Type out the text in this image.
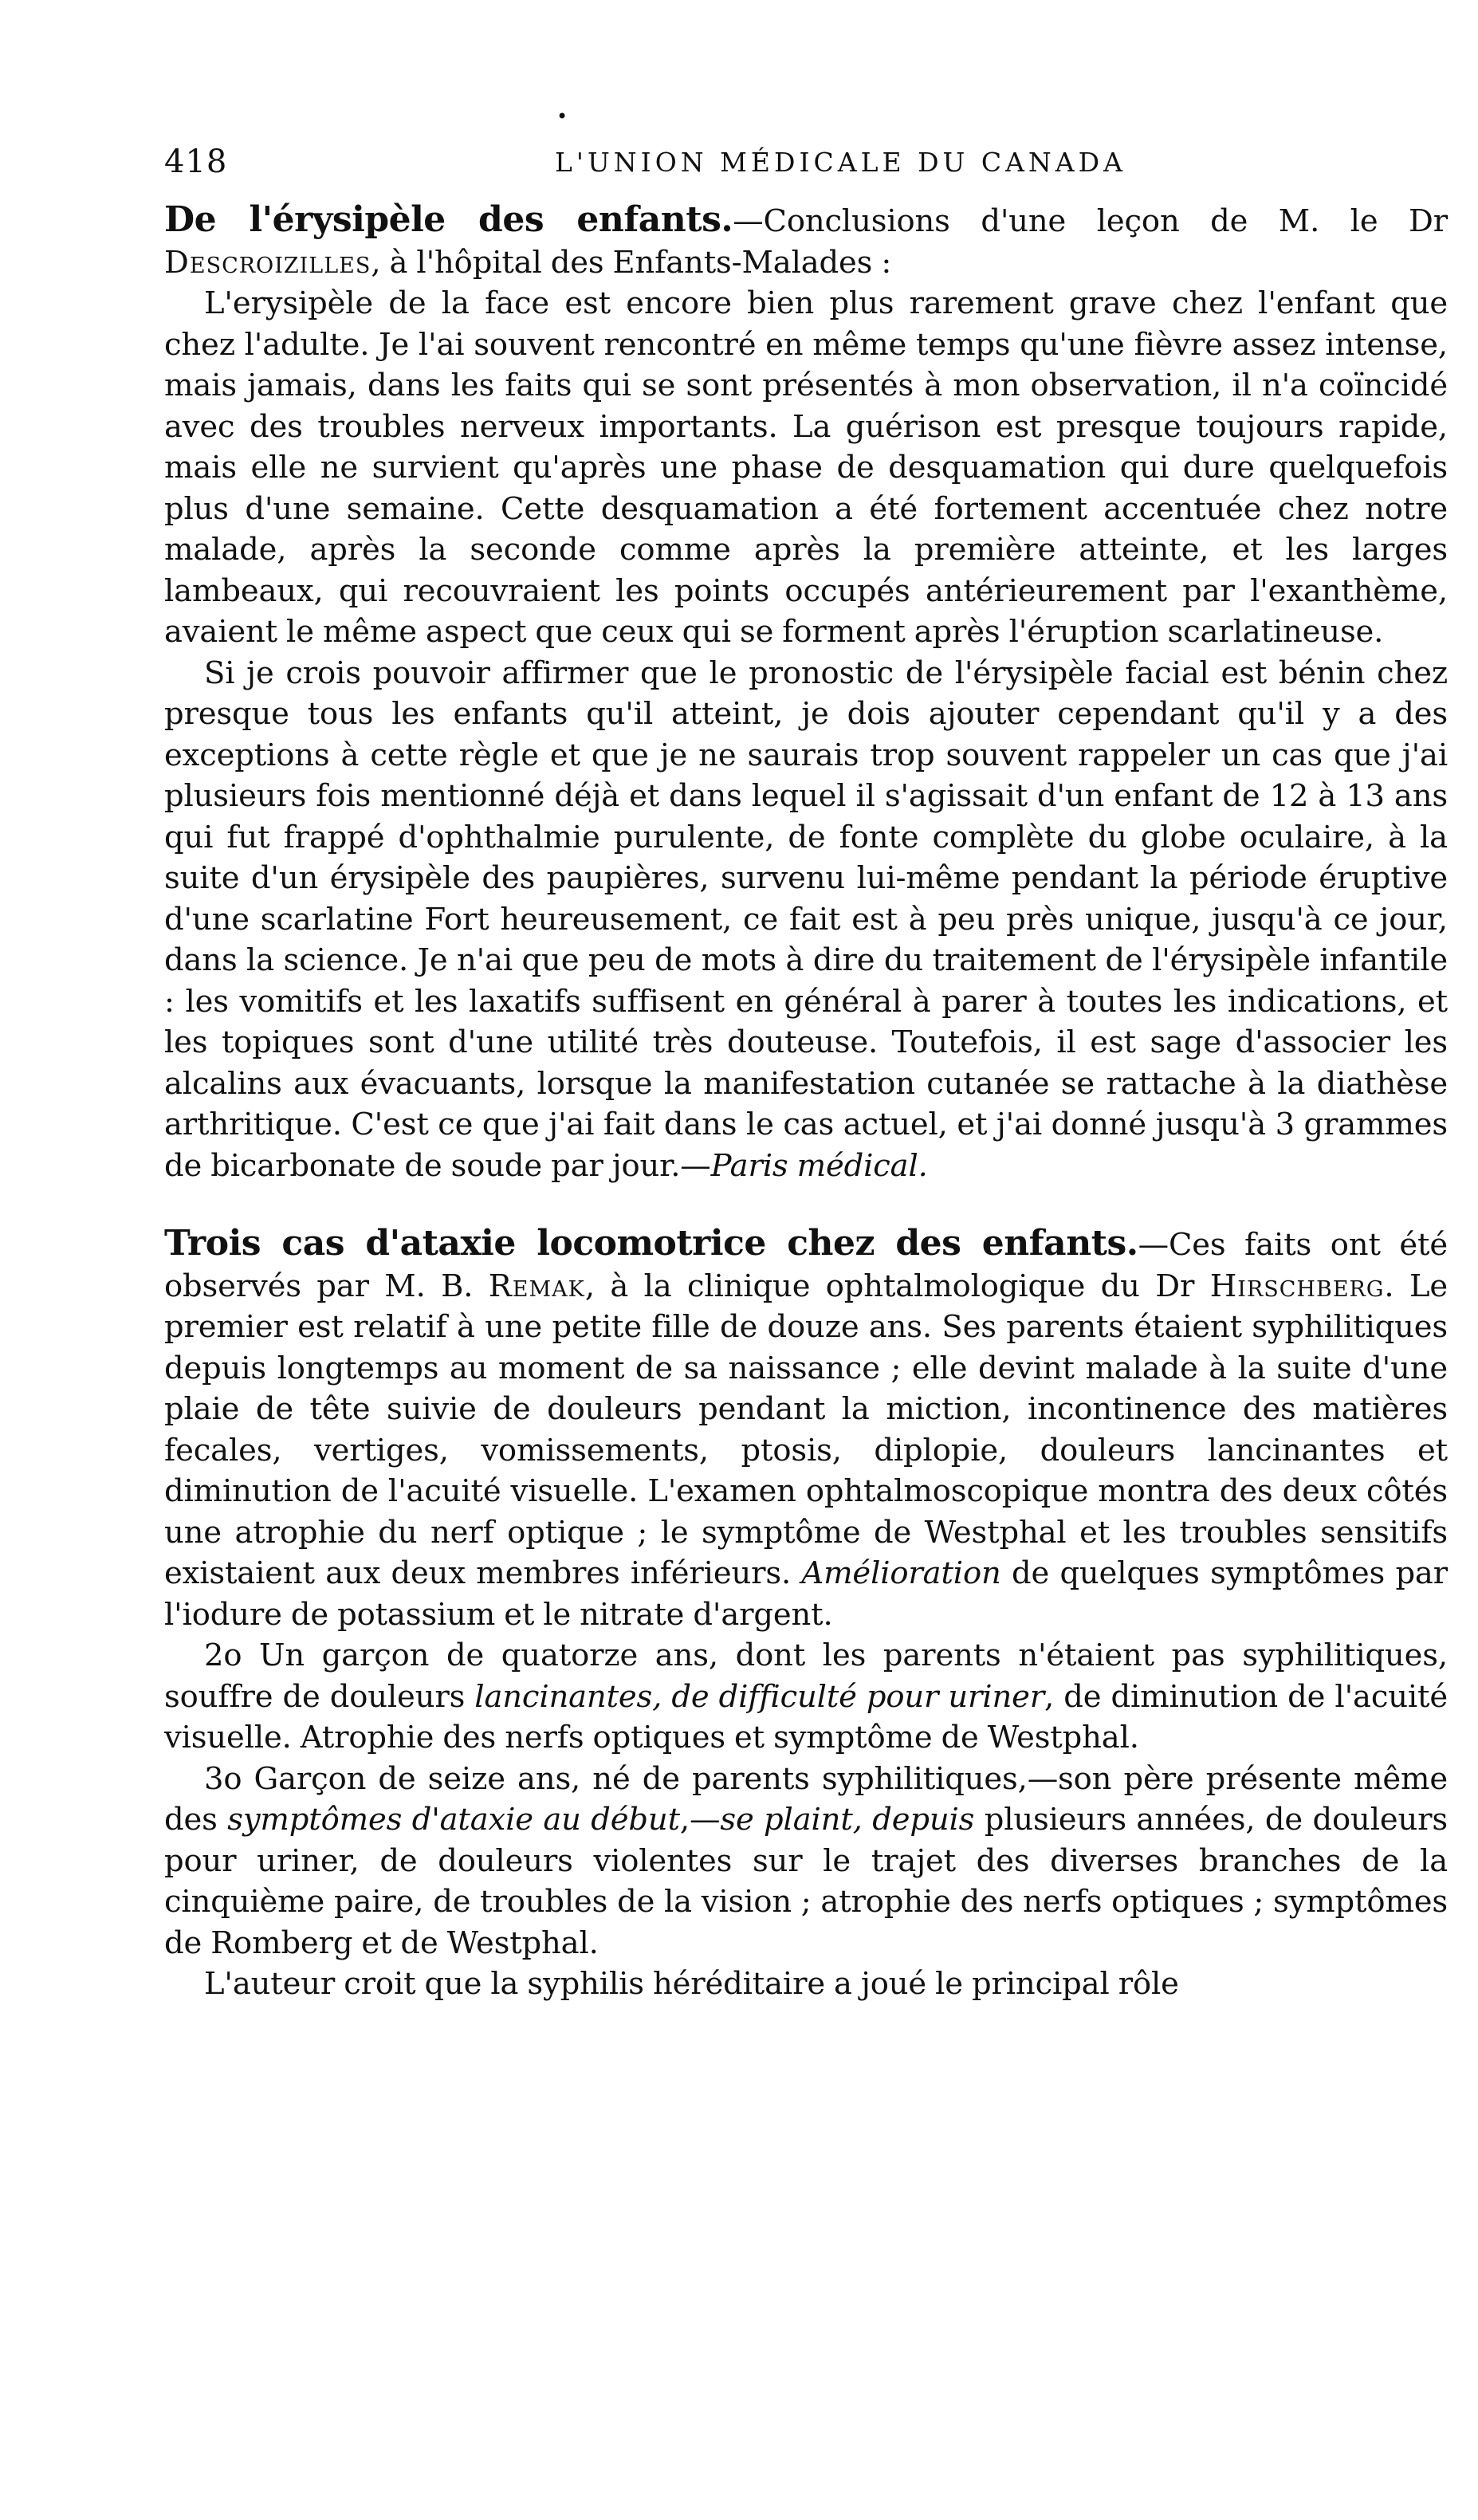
•
418	L'UNION MÉDICALE DU CANADA

De l'érysipèle des enfants.—Conclusions d'une leçon de M. le Dr Descroizilles, à l'hôpital des Enfants-Malades :

L'erysipèle de la face est encore bien plus rarement grave chez l'enfant que chez l'adulte. Je l'ai souvent rencontré en même temps qu'une fièvre assez intense, mais jamais, dans les faits qui se sont présentés à mon observation, il n'a coïncidé avec des troubles nerveux importants. La guérison est presque toujours rapide, mais elle ne survient qu'après une phase de desquamation qui dure quelquefois plus d'une semaine. Cette desquamation a été fortement accentuée chez notre malade, après la seconde comme après la première atteinte, et les larges lambeaux, qui recouvraient les points occupés antérieurement par l'exanthème, avaient le même aspect que ceux qui se forment après l'éruption scarlatineuse.

Si je crois pouvoir affirmer que le pronostic de l'érysipèle facial est bénin chez presque tous les enfants qu'il atteint, je dois ajouter cependant qu'il y a des exceptions à cette règle et que je ne saurais trop souvent rappeler un cas que j'ai plusieurs fois mentionné déjà et dans lequel il s'agissait d'un enfant de 12 à 13 ans qui fut frappé d'ophthalmie purulente, de fonte complète du globe oculaire, à la suite d'un érysipèle des paupières, survenu lui-même pendant la période éruptive d'une scarlatine Fort heureusement, ce fait est à peu près unique, jusqu'à ce jour, dans la science. Je n'ai que peu de mots à dire du traitement de l'érysipèle infantile : les vomitifs et les laxatifs suffisent en général à parer à toutes les indications, et les topiques sont d'une utilité très douteuse. Toutefois, il est sage d'associer les alcalins aux évacuants, lorsque la manifestation cutanée se rattache à la diathèse arthritique. C'est ce que j'ai fait dans le cas actuel, et j'ai donné jusqu'à 3 grammes de bicarbonate de soude par jour.—Paris médical.

Trois cas d'ataxie locomotrice chez des enfants.—Ces faits ont été observés par M. B. Remak, à la clinique ophtalmologique du Dr Hirschberg. Le premier est relatif à une petite fille de douze ans. Ses parents étaient syphilitiques depuis longtemps au moment de sa naissance ; elle devint malade à la suite d'une plaie de tête suivie de douleurs pendant la miction, incontinence des matières fecales, vertiges, vomissements, ptosis, diplopie, douleurs lancinantes et diminution de l'acuité visuelle. L'examen ophtalmoscopique montra des deux côtés une atrophie du nerf optique ; le symptôme de Westphal et les troubles sensitifs existaient aux deux membres inférieurs. Amélioration de quelques symptômes par l'iodure de potassium et le nitrate d'argent.

2o Un garçon de quatorze ans, dont les parents n'étaient pas syphilitiques, souffre de douleurs lancinantes, de difficulté pour uriner, de diminution de l'acuité visuelle. Atrophie des nerfs optiques et symptôme de Westphal.

3o Garçon de seize ans, né de parents syphilitiques,—son père présente même des symptômes d'ataxie au début,—se plaint, depuis plusieurs années, de douleurs pour uriner, de douleurs violentes sur le trajet des diverses branches de la cinquième paire, de troubles de la vision ; atrophie des nerfs optiques ; symptômes de Romberg et de Westphal.

L'auteur croit que la syphilis héréditaire a joué le principal rôle
